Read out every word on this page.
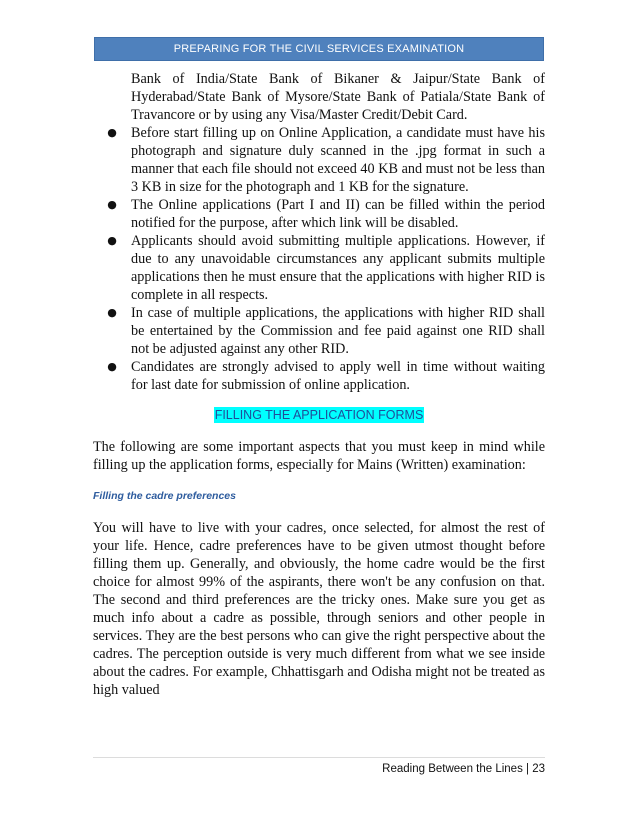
PREPARING FOR THE CIVIL SERVICES EXAMINATION

Bank of India/State Bank of Bikaner & Jaipur/State Bank of Hyderabad/State Bank of Mysore/State Bank of Patiala/State Bank of Travancore or by using any Visa/Master Credit/Debit Card.

● Before start filling up on Online Application, a candidate must have his photograph and signature duly scanned in the .jpg format in such a manner that each file should not exceed 40 KB and must not be less than 3 KB in size for the photograph and 1 KB for the signature.
● The Online applications (Part I and II) can be filled within the period notified for the purpose, after which link will be disabled.
● Applicants should avoid submitting multiple applications. However, if due to any unavoidable circumstances any applicant submits multiple applications then he must ensure that the applications with higher RID is complete in all respects.
● In case of multiple applications, the applications with higher RID shall be entertained by the Commission and fee paid against one RID shall not be adjusted against any other RID.
● Candidates are strongly advised to apply well in time without waiting for last date for submission of online application.
FILLING THE APPLICATION FORMS

The following are some important aspects that you must keep in mind while filling up the application forms, especially for Mains (Written) examination:

Filling the cadre preferences

You will have to live with your cadres, once selected, for almost the rest of your life. Hence, cadre preferences have to be given utmost thought before filling them up. Generally, and obviously, the home cadre would be the first choice for almost 99% of the aspirants, there won't be any confusion on that. The second and third preferences are the tricky ones. Make sure you get as much info about a cadre as possible, through seniors and other people in services. They are the best persons who can give the right perspective about the cadres. The perception outside is very much different from what we see inside about the cadres. For example, Chhattisgarh and Odisha might not be treated as high valued

Reading Between the Lines | 23
